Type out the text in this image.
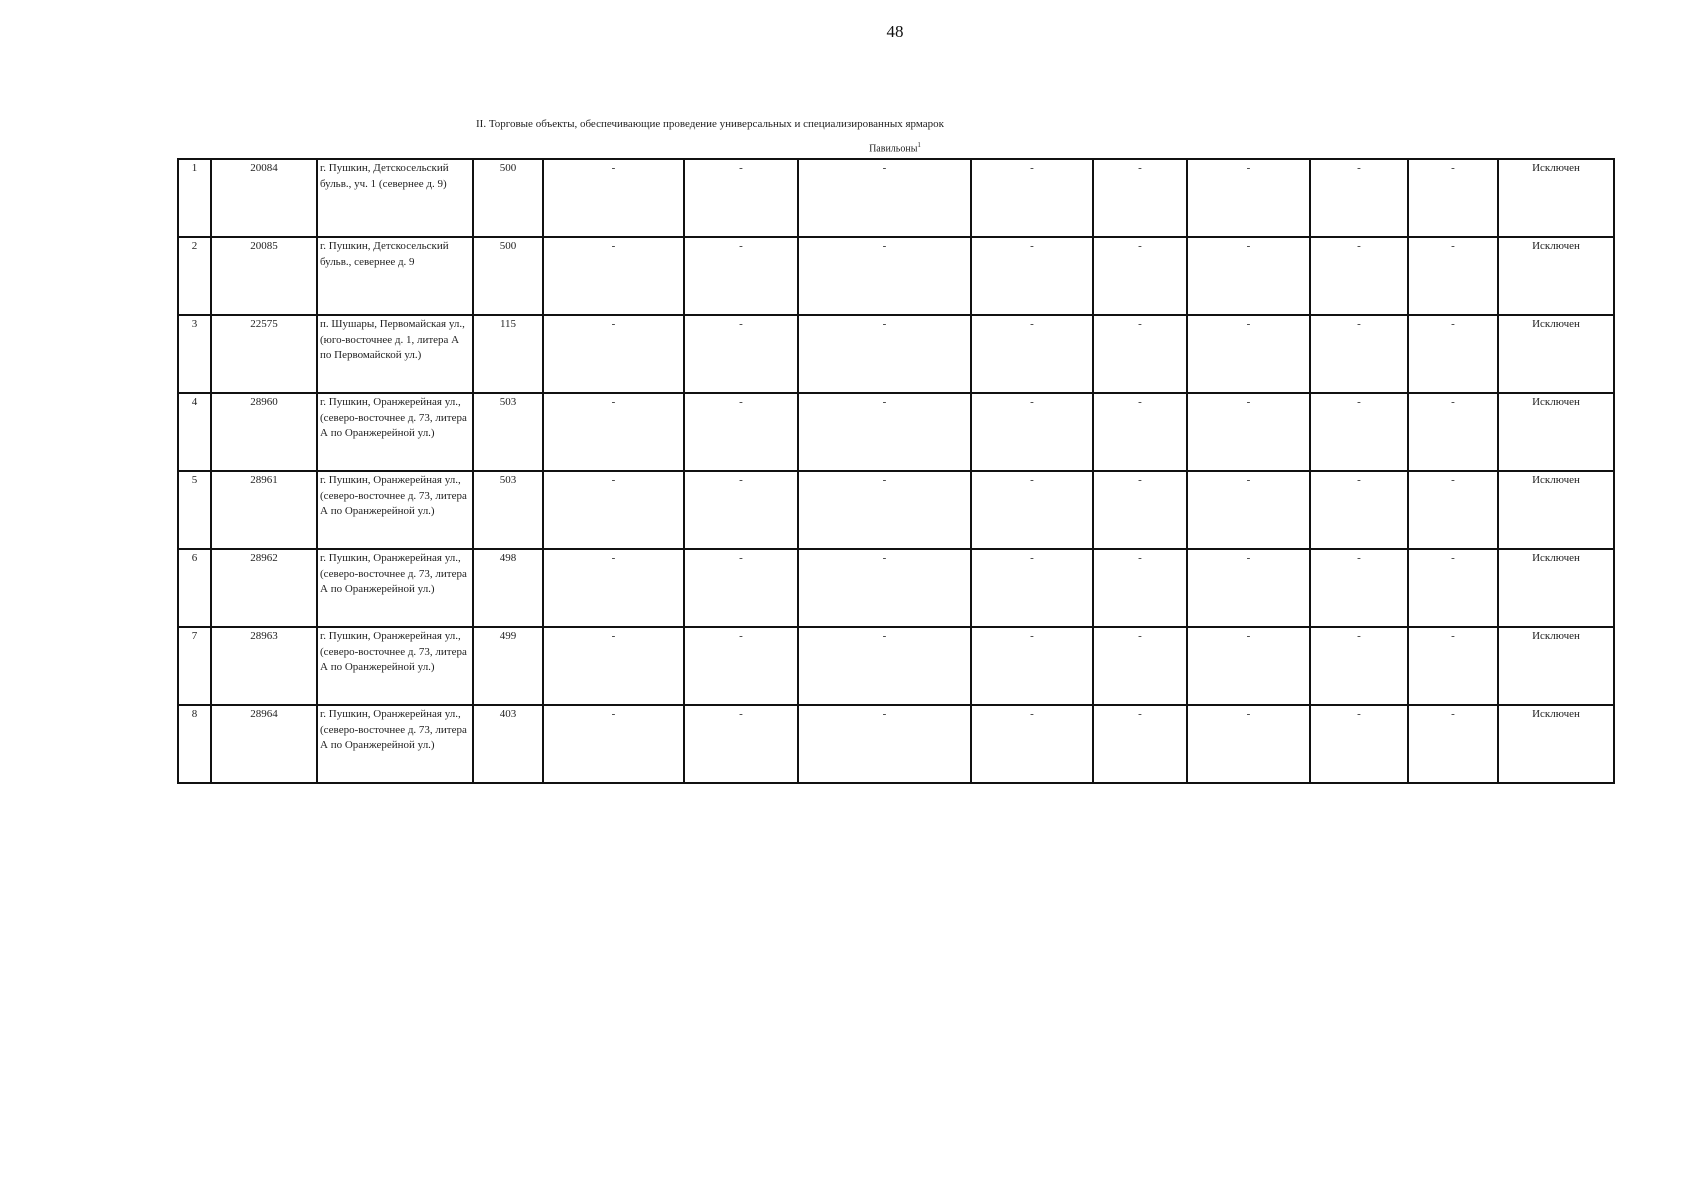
48
II. Торговые объекты, обеспечивающие проведение универсальных и специализированных ярмарок
Павильоны$^1$
1	20084	г. Пушкин, Детскосельский бульв., уч. 1 (севернее д. 9)	500	-	-	-	-	-	-	-	-	Исключен
2	20085	г. Пушкин, Детскосельский бульв., севернее д. 9	500	-	-	-	-	-	-	-	-	Исключен
3	22575	п. Шушары, Первомайская ул., (юго-восточнее д. 1, литера А по Первомайской ул.)	115	-	-	-	-	-	-	-	-	Исключен
4	28960	г. Пушкин, Оранжерейная ул., (северо-восточнее д. 73, литера А по Оранжерейной ул.)	503	-	-	-	-	-	-	-	-	Исключен
5	28961	г. Пушкин, Оранжерейная ул., (северо-восточнее д. 73, литера А по Оранжерейной ул.)	503	-	-	-	-	-	-	-	-	Исключен
6	28962	г. Пушкин, Оранжерейная ул., (северо-восточнее д. 73, литера А по Оранжерейной ул.)	498	-	-	-	-	-	-	-	-	Исключен
7	28963	г. Пушкин, Оранжерейная ул., (северо-восточнее д. 73, литера А по Оранжерейной ул.)	499	-	-	-	-	-	-	-	-	Исключен
8	28964	г. Пушкин, Оранжерейная ул., (северо-восточнее д. 73, литера А по Оранжерейной ул.)	403	-	-	-	-	-	-	-	-	Исключен
